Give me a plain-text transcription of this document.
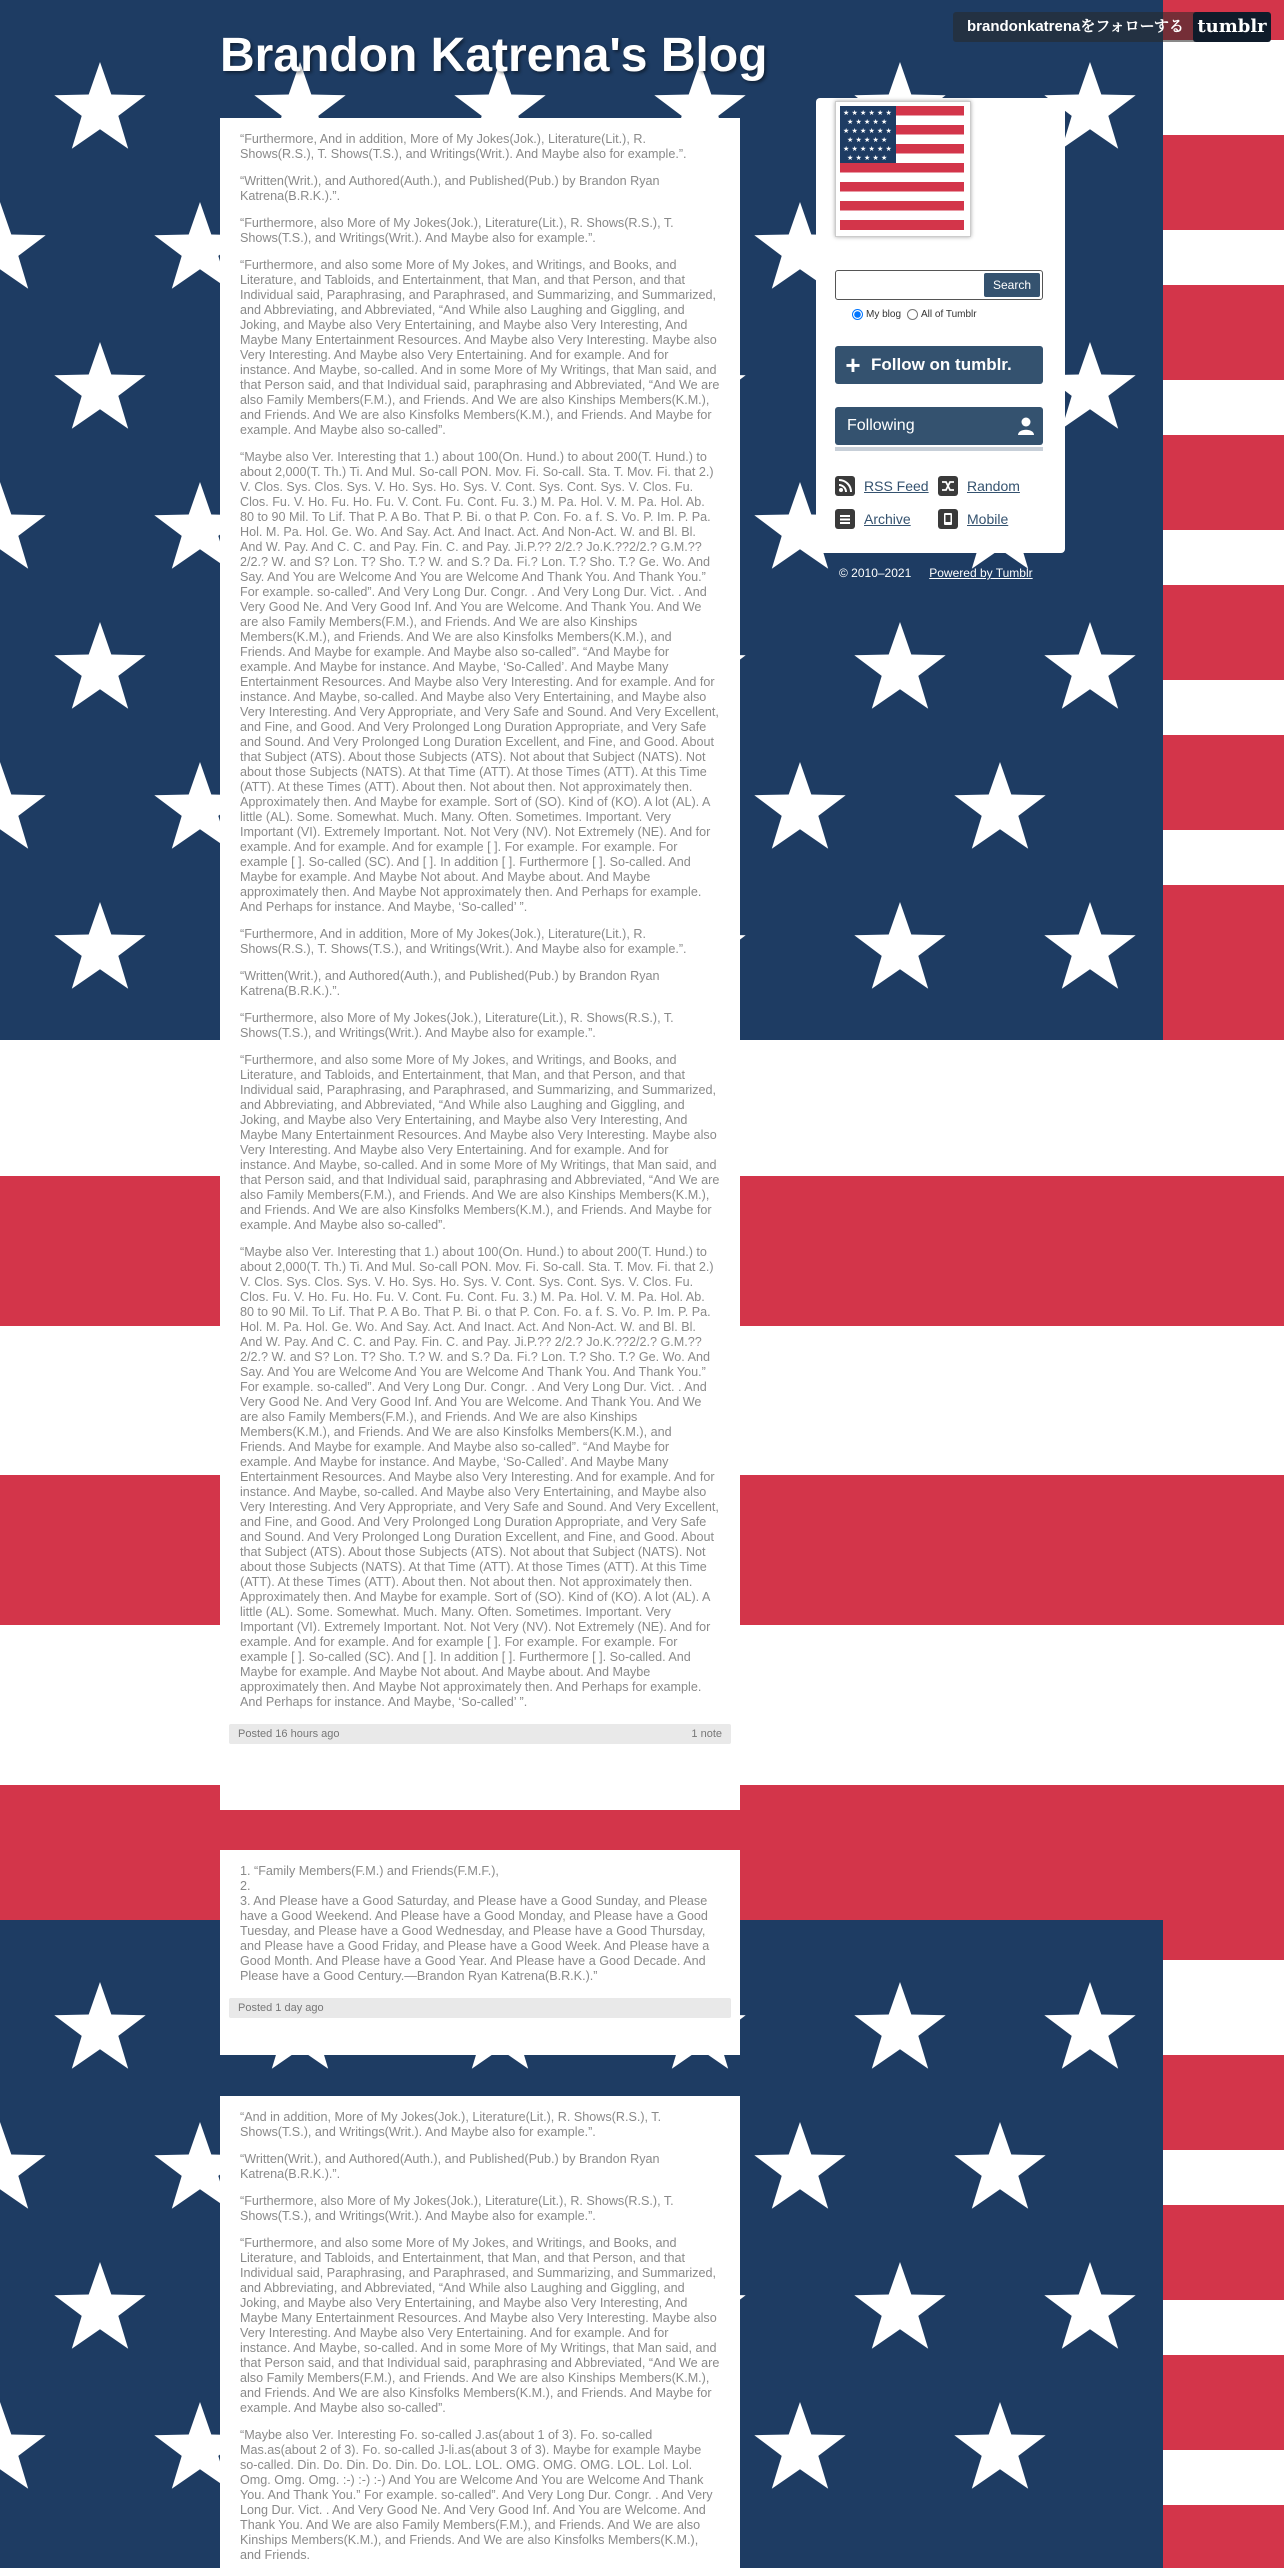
brandonkatrenaをフォローする tumblr
Brandon Katrena's Blog

“Furthermore, And in addition, More of My Jokes(Jok.), Literature(Lit.), R. Shows(R.S.), T. Shows(T.S.), and Writings(Writ.). And Maybe also for example.”.

“Written(Writ.), and Authored(Auth.), and Published(Pub.) by Brandon Ryan Katrena(B.R.K.).”.

“Furthermore, also More of My Jokes(Jok.), Literature(Lit.), R. Shows(R.S.), T. Shows(T.S.), and Writings(Writ.). And Maybe also for example.”.

“Furthermore, and also some More of My Jokes, and Writings, and Books, and Literature, and Tabloids, and Entertainment, that Man, and that Person, and that Individual said, Paraphrasing, and Paraphrased, and Summarizing, and Summarized, and Abbreviating, and Abbreviated, “And While also Laughing and Giggling, and Joking, and Maybe also Very Entertaining, and Maybe also Very Interesting, And Maybe Many Entertainment Resources. And Maybe also Very Interesting. Maybe also Very Interesting. And Maybe also Very Entertaining. And for example. And for instance. And Maybe, so-called. And in some More of My Writings, that Man said, and that Person said, and that Individual said, paraphrasing and Abbreviated, “And We are also Family Members(F.M.), and Friends. And We are also Kinships Members(K.M.), and Friends. And We are also Kinsfolks Members(K.M.), and Friends. And Maybe for example. And Maybe also so-called”.

“Maybe also Ver. Interesting that 1.) about 100(On. Hund.) to about 200(T. Hund.) to about 2,000(T. Th.) Ti. And Mul. So-call PON. Mov. Fi. So-call. Sta. T. Mov. Fi. that 2.) V. Clos. Sys. Clos. Sys. V. Ho. Sys. Ho. Sys. V. Cont. Sys. Cont. Sys. V. Clos. Fu. Clos. Fu. V. Ho. Fu. Ho. Fu. V. Cont. Fu. Cont. Fu. 3.) M. Pa. Hol. V. M. Pa. Hol. Ab. 80 to 90 Mil. To Lif. That P. A Bo. That P. Bi. o that P. Con. Fo. a f. S. Vo. P. Im. P. Pa. Hol. M. Pa. Hol. Ge. Wo. And Say. Act. And Inact. Act. And Non-Act. W. and Bl. Bl. And W. Pay. And C. C. and Pay. Fin. C. and Pay. Ji.P.?? 2/2.? Jo.K.??2/2.? G.M.??2/2.? W. and S? Lon. T? Sho. T.? W. and S.? Da. Fi.? Lon. T.? Sho. T.? Ge. Wo. And Say. And You are Welcome And You are Welcome And Thank You. And Thank You.” For example. so-called”. And Very Long Dur. Congr. . And Very Long Dur. Vict. . And Very Good Ne. And Very Good Inf. And You are Welcome. And Thank You. And We are also Family Members(F.M.), and Friends. And We are also Kinships Members(K.M.), and Friends. And We are also Kinsfolks Members(K.M.), and Friends. And Maybe for example. And Maybe also so-called”. “And Maybe for example. And Maybe for instance. And Maybe, ‘So-Called’. And Maybe Many Entertainment Resources. And Maybe also Very Interesting. And for example. And for instance. And Maybe, so-called. And Maybe also Very Entertaining, and Maybe also Very Interesting. And Very Appropriate, and Very Safe and Sound. And Very Excellent, and Fine, and Good. And Very Prolonged Long Duration Appropriate, and Very Safe and Sound. And Very Prolonged Long Duration Excellent, and Fine, and Good. About that Subject (ATS). About those Subjects (ATS). Not about that Subject (NATS). Not about those Subjects (NATS). At that Time (ATT). At those Times (ATT). At this Time (ATT). At these Times (ATT). About then. Not about then. Not approximately then. Approximately then. And Maybe for example. Sort of (SO). Kind of (KO). A lot (AL). A little (AL). Some. Somewhat. Much. Many. Often. Sometimes. Important. Very Important (VI). Extremely Important. Not. Not Very (NV). Not Extremely (NE). And for example. And for example. And for example [ ]. For example. For example. For example [ ]. So-called (SC). And [ ]. In addition [ ]. Furthermore [ ]. So-called. And Maybe for example. And Maybe Not about. And Maybe about. And Maybe approximately then. And Maybe Not approximately then. And Perhaps for example. And Perhaps for instance. And Maybe, ‘So-called’ ”.

“Furthermore, And in addition, More of My Jokes(Jok.), Literature(Lit.), R. Shows(R.S.), T. Shows(T.S.), and Writings(Writ.). And Maybe also for example.”.

“Written(Writ.), and Authored(Auth.), and Published(Pub.) by Brandon Ryan Katrena(B.R.K.).”.

“Furthermore, also More of My Jokes(Jok.), Literature(Lit.), R. Shows(R.S.), T. Shows(T.S.), and Writings(Writ.). And Maybe also for example.”.

“Furthermore, and also some More of My Jokes, and Writings, and Books, and Literature, and Tabloids, and Entertainment, that Man, and that Person, and that Individual said, Paraphrasing, and Paraphrased, and Summarizing, and Summarized, and Abbreviating, and Abbreviated, “And While also Laughing and Giggling, and Joking, and Maybe also Very Entertaining, and Maybe also Very Interesting, And Maybe Many Entertainment Resources. And Maybe also Very Interesting. Maybe also Very Interesting. And Maybe also Very Entertaining. And for example. And for instance. And Maybe, so-called. And in some More of My Writings, that Man said, and that Person said, and that Individual said, paraphrasing and Abbreviated, “And We are also Family Members(F.M.), and Friends. And We are also Kinships Members(K.M.), and Friends. And We are also Kinsfolks Members(K.M.), and Friends. And Maybe for example. And Maybe also so-called”.

“Maybe also Ver. Interesting that 1.) about 100(On. Hund.) to about 200(T. Hund.) to about 2,000(T. Th.) Ti. And Mul. So-call PON. Mov. Fi. So-call. Sta. T. Mov. Fi. that 2.) V. Clos. Sys. Clos. Sys. V. Ho. Sys. Ho. Sys. V. Cont. Sys. Cont. Sys. V. Clos. Fu. Clos. Fu. V. Ho. Fu. Ho. Fu. V. Cont. Fu. Cont. Fu. 3.) M. Pa. Hol. V. M. Pa. Hol. Ab. 80 to 90 Mil. To Lif. That P. A Bo. That P. Bi. o that P. Con. Fo. a f. S. Vo. P. Im. P. Pa. Hol. M. Pa. Hol. Ge. Wo. And Say. Act. And Inact. Act. And Non-Act. W. and Bl. Bl. And W. Pay. And C. C. and Pay. Fin. C. and Pay. Ji.P.?? 2/2.? Jo.K.??2/2.? G.M.??2/2.? W. and S? Lon. T? Sho. T.? W. and S.? Da. Fi.? Lon. T.? Sho. T.? Ge. Wo. And Say. And You are Welcome And You are Welcome And Thank You. And Thank You.” For example. so-called”. And Very Long Dur. Congr. . And Very Long Dur. Vict. . And Very Good Ne. And Very Good Inf. And You are Welcome. And Thank You. And We are also Family Members(F.M.), and Friends. And We are also Kinships Members(K.M.), and Friends. And We are also Kinsfolks Members(K.M.), and Friends. And Maybe for example. And Maybe also so-called”. “And Maybe for example. And Maybe for instance. And Maybe, ‘So-Called’. And Maybe Many Entertainment Resources. And Maybe also Very Interesting. And for example. And for instance. And Maybe, so-called. And Maybe also Very Entertaining, and Maybe also Very Interesting. And Very Appropriate, and Very Safe and Sound. And Very Excellent, and Fine, and Good. And Very Prolonged Long Duration Appropriate, and Very Safe and Sound. And Very Prolonged Long Duration Excellent, and Fine, and Good. About that Subject (ATS). About those Subjects (ATS). Not about that Subject (NATS). Not about those Subjects (NATS). At that Time (ATT). At those Times (ATT). At this Time (ATT). At these Times (ATT). About then. Not about then. Not approximately then. Approximately then. And Maybe for example. Sort of (SO). Kind of (KO). A lot (AL). A little (AL). Some. Somewhat. Much. Many. Often. Sometimes. Important. Very Important (VI). Extremely Important. Not. Not Very (NV). Not Extremely (NE). And for example. And for example. And for example [ ]. For example. For example. For example [ ]. So-called (SC). And [ ]. In addition [ ]. Furthermore [ ]. So-called. And Maybe for example. And Maybe Not about. And Maybe about. And Maybe approximately then. And Maybe Not approximately then. And Perhaps for example. And Perhaps for instance. And Maybe, ‘So-called’ ”.

Posted 16 hours ago	1 note
1. “Family Members(F.M.) and Friends(F.M.F.),
2.
3. And Please have a Good Saturday, and Please have a Good Sunday, and Please have a Good Weekend. And Please have a Good Monday, and Please have a Good Tuesday, and Please have a Good Wednesday, and Please have a Good Thursday, and Please have a Good Friday, and Please have a Good Week. And Please have a Good Month. And Please have a Good Year. And Please have a Good Decade. And Please have a Good Century.—Brandon Ryan Katrena(B.R.K.).”
Posted 1 day ago

“And in addition, More of My Jokes(Jok.), Literature(Lit.), R. Shows(R.S.), T. Shows(T.S.), and Writings(Writ.). And Maybe also for example.”.

“Written(Writ.), and Authored(Auth.), and Published(Pub.) by Brandon Ryan Katrena(B.R.K.).”.

“Furthermore, also More of My Jokes(Jok.), Literature(Lit.), R. Shows(R.S.), T. Shows(T.S.), and Writings(Writ.). And Maybe also for example.”.

“Furthermore, and also some More of My Jokes, and Writings, and Books, and Literature, and Tabloids, and Entertainment, that Man, and that Person, and that Individual said, Paraphrasing, and Paraphrased, and Summarizing, and Summarized, and Abbreviating, and Abbreviated, “And While also Laughing and Giggling, and Joking, and Maybe also Very Entertaining, and Maybe also Very Interesting, And Maybe Many Entertainment Resources. And Maybe also Very Interesting. Maybe also Very Interesting. And Maybe also Very Entertaining. And for example. And for instance. And Maybe, so-called. And in some More of My Writings, that Man said, and that Person said, and that Individual said, paraphrasing and Abbreviated, “And We are also Family Members(F.M.), and Friends. And We are also Kinships Members(K.M.), and Friends. And We are also Kinsfolks Members(K.M.), and Friends. And Maybe for example. And Maybe also so-called”.

“Maybe also Ver. Interesting Fo. so-called J.as(about 1 of 3). Fo. so-called Mas.as(about 2 of 3). Fo. so-called J-li.as(about 3 of 3). Maybe for example Maybe so-called. Din. Do. Din. Do. Din. Do. LOL. LOL. OMG. OMG. OMG. LOL. Lol. Lol. Omg. Omg. Omg. :-) :-) :-) And You are Welcome And You are Welcome And Thank You. And Thank You.” For example. so-called”. And Very Long Dur. Congr. . And Very Long Dur. Vict. . And Very Good Ne. And Very Good Inf. And You are Welcome. And Thank You. And We are also Family Members(F.M.), and Friends. And We are also Kinships Members(K.M.), and Friends. And We are also Kinsfolks Members(K.M.), and Friends.

★ ★ ★ ★ ★ ★
★ ★ ★ ★ ★
★ ★ ★ ★ ★ ★
★ ★ ★ ★ ★
★ ★ ★ ★ ★ ★
★ ★ ★ ★ ★
Search
My blog All of Tumblr
+ Follow on tumblr.
Following
RSS Feed	Random
Archive	Mobile
© 2010–2021 Powered by Tumblr
